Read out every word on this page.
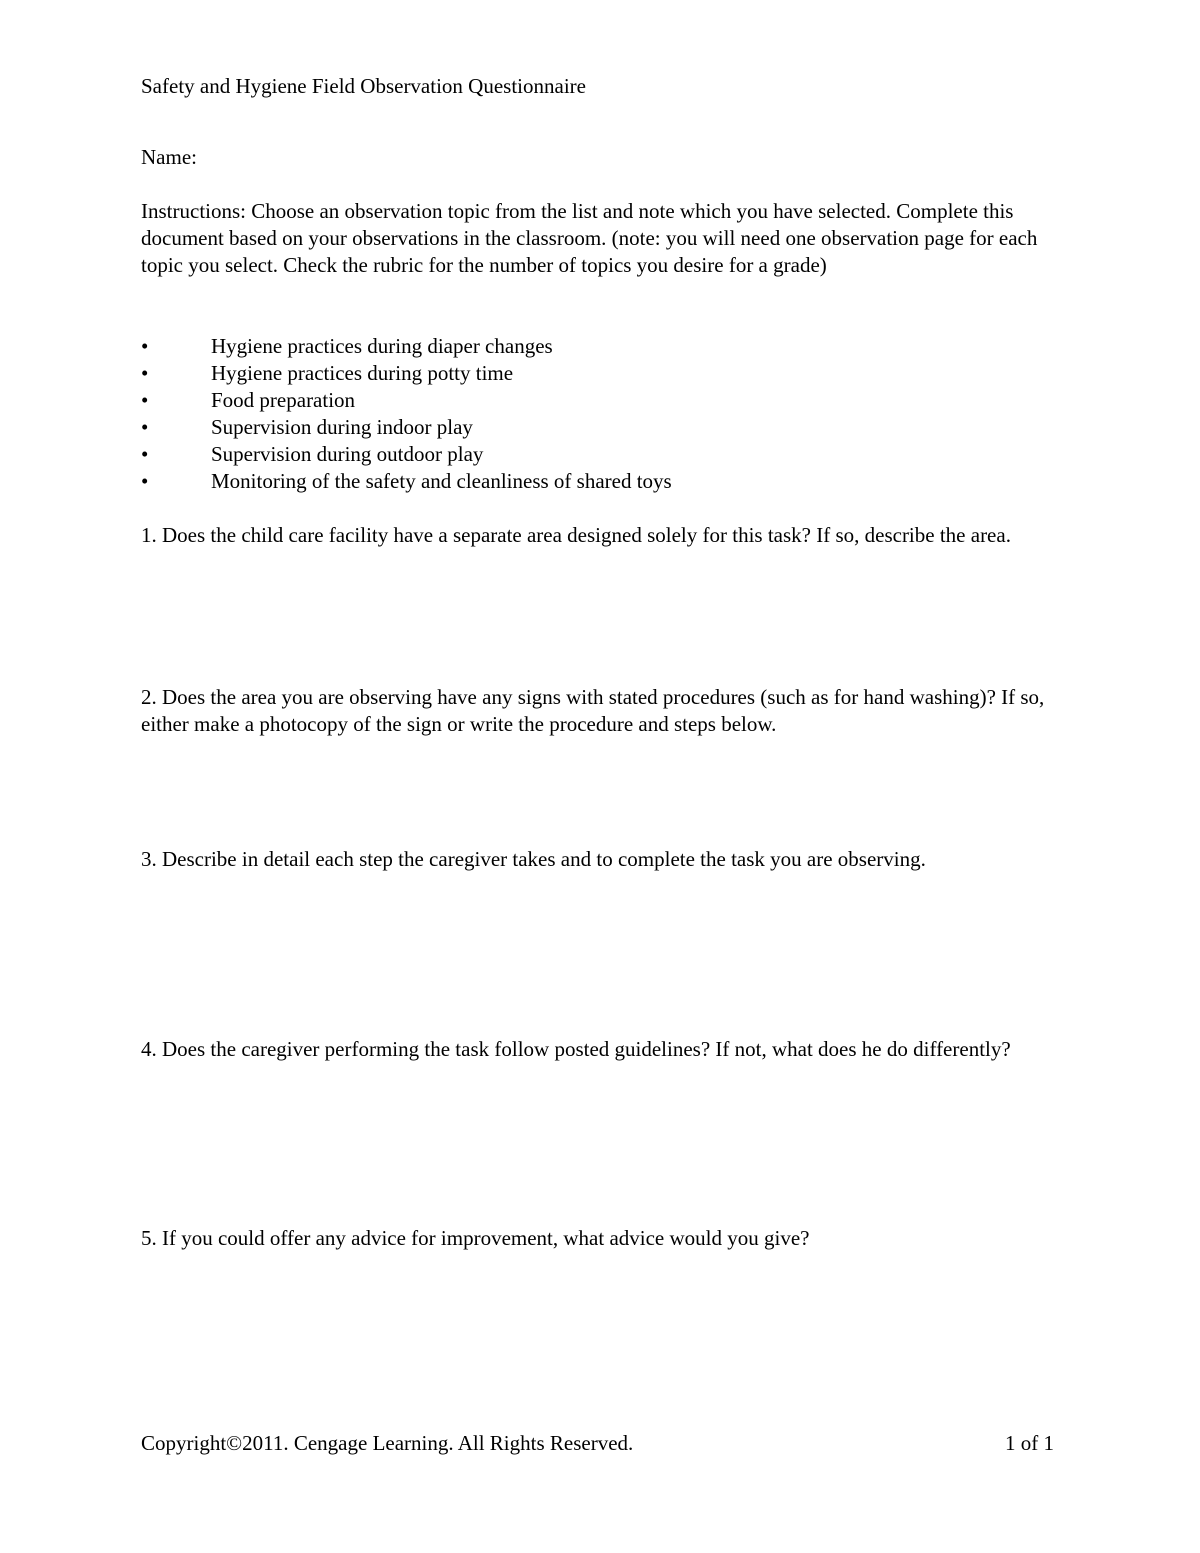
Safety and Hygiene Field Observation Questionnaire

Name:

Instructions: Choose an observation topic from the list and note which you have selected. Complete this document based on your observations in the classroom. (note: you will need one observation page for each topic you select. Check the rubric for the number of topics you desire for a grade)

•	Hygiene practices during diaper changes
•	Hygiene practices during potty time
•	Food preparation
•	Supervision during indoor play
•	Supervision during outdoor play
•	Monitoring of the safety and cleanliness of shared toys

1. Does the child care facility have a separate area designed solely for this task? If so, describe the area.

2. Does the area you are observing have any signs with stated procedures (such as for hand washing)? If so, either make a photocopy of the sign or write the procedure and steps below.

3. Describe in detail each step the caregiver takes and to complete the task you are observing.

4. Does the caregiver performing the task follow posted guidelines? If not, what does he do differently?

5. If you could offer any advice for improvement, what advice would you give?

Copyright©2011. Cengage Learning. All Rights Reserved.	1 of 1
